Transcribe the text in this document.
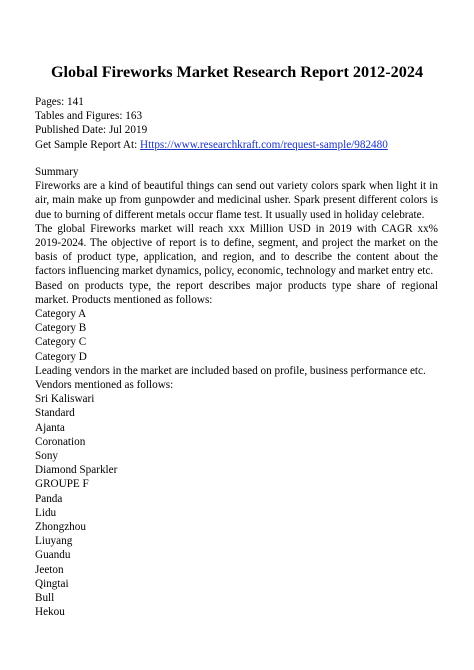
Global Fireworks Market Research Report 2012-2024
Pages: 141
Tables and Figures: 163
Published Date: Jul 2019
Get Sample Report At: Https://www.researchkraft.com/request-sample/982480
Summary
Fireworks are a kind of beautiful things can send out variety colors spark when light it in
air, main make up from gunpowder and medicinal usher. Spark present different colors is
due to burning of different metals occur flame test. It usually used in holiday celebrate.
The global Fireworks market will reach xxx Million USD in 2019 with CAGR xx%
2019-2024. The objective of report is to define, segment, and project the market on the
basis of product type, application, and region, and to describe the content about the
factors influencing market dynamics, policy, economic, technology and market entry etc.
Based on products type, the report describes major products type share of regional
market. Products mentioned as follows:
Category A
Category B
Category C
Category D
Leading vendors in the market are included based on profile, business performance etc.
Vendors mentioned as follows:
Sri Kaliswari
Standard
Ajanta
Coronation
Sony
Diamond Sparkler
GROUPE F
Panda
Lidu
Zhongzhou
Liuyang
Guandu
Jeeton
Qingtai
Bull
Hekou
